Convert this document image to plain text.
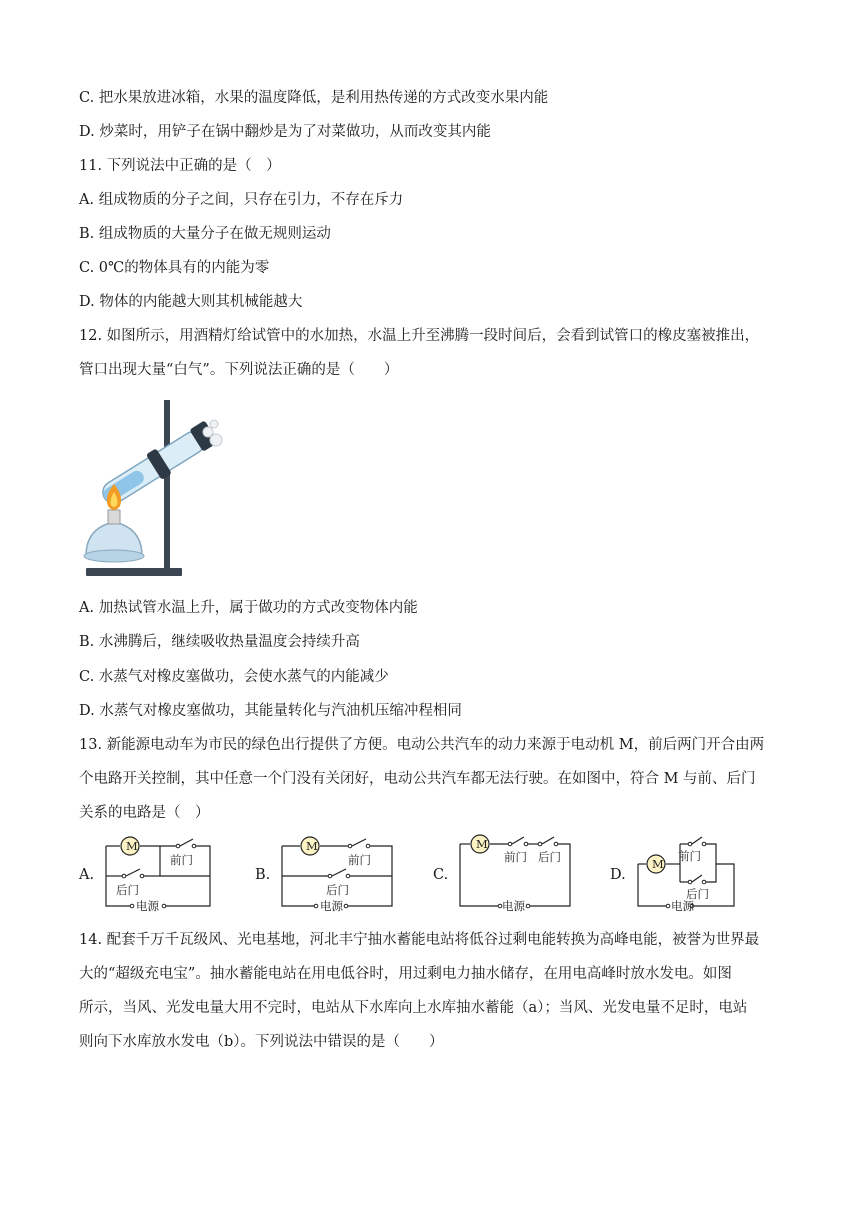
C. 把水果放进冰箱，水果的温度降低，是利用热传递的方式改变水果内能
D. 炒菜时，用铲子在锅中翻炒是为了对菜做功，从而改变其内能
11. 下列说法中正确的是（　）
A. 组成物质的分子之间，只存在引力，不存在斥力
B. 组成物质的大量分子在做无规则运动
C. 0℃的物体具有的内能为零
D. 物体的内能越大则其机械能越大
12. 如图所示，用酒精灯给试管中的水加热，水温上升至沸腾一段时间后，会看到试管口的橡皮塞被推出，
管口出现大量“白气”。下列说法正确的是（　　）
A. 加热试管水温上升，属于做功的方式改变物体内能
B. 水沸腾后，继续吸收热量温度会持续升高
C. 水蒸气对橡皮塞做功，会使水蒸气的内能减少
D. 水蒸气对橡皮塞做功，其能量转化与汽油机压缩冲程相同
13. 新能源电动车为市民的绿色出行提供了方便。电动公共汽车的动力来源于电动机 M，前后两门开合由两
个电路开关控制，其中任意一个门没有关闭好，电动公共汽车都无法行驶。在如图中，符合 M 与前、后门
关系的电路是（　）
A.	B.	C.	D.
M
前门
后门
电源
M
前门
后门
电源
M
前门 后门
电源
M
前门
后门
电源
14. 配套千万千瓦级风、光电基地，河北丰宁抽水蓄能电站将低谷过剩电能转换为高峰电能，被誉为世界最
大的“超级充电宝”。抽水蓄能电站在用电低谷时，用过剩电力抽水储存，在用电高峰时放水发电。如图
所示，当风、光发电量大用不完时，电站从下水库向上水库抽水蓄能（a）；当风、光发电量不足时，电站
则向下水库放水发电（b）。下列说法中错误的是（　　）
